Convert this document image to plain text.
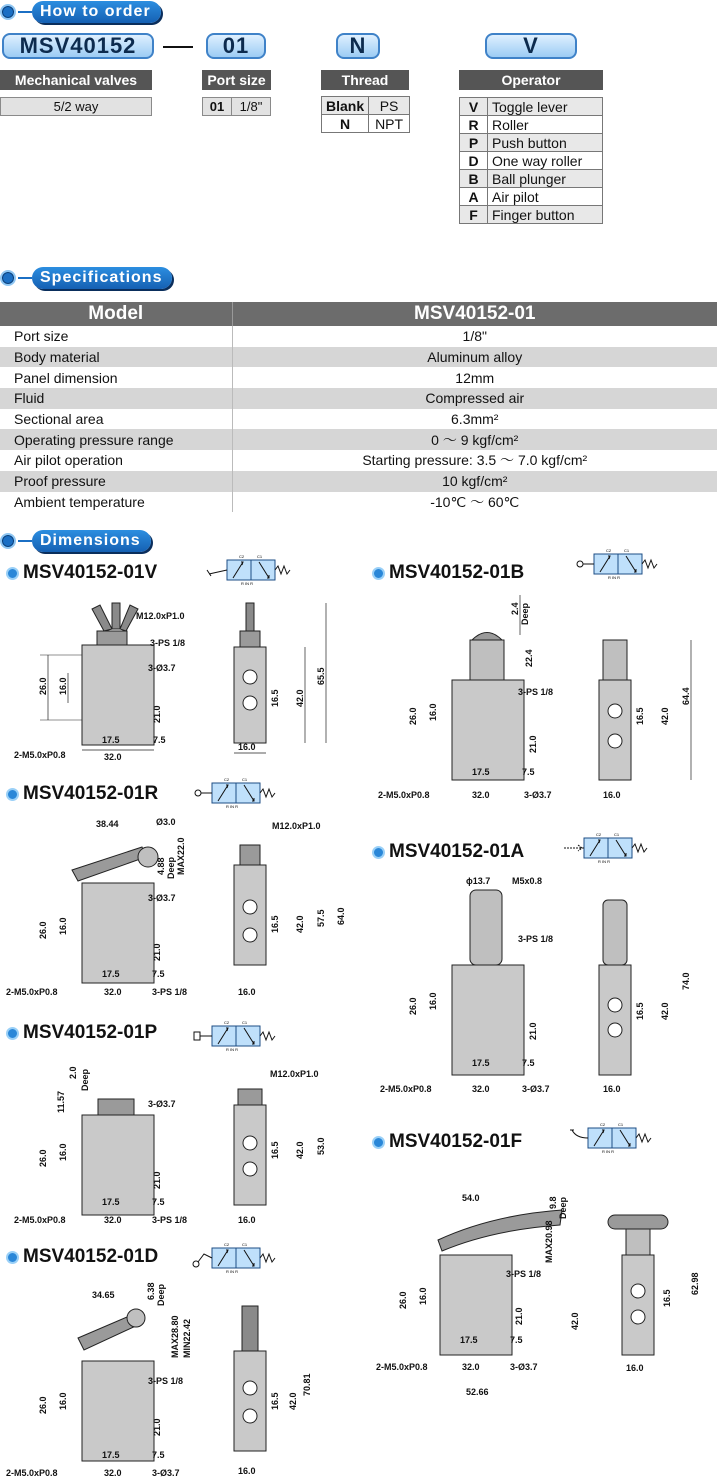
How to order
MSV40152	01	N	V
Mechanical valves
5/2 way
Port size
01	1/8"
Thread
Blank	PS
N	NPT
Operator
V	Toggle lever
R	Roller
P	Push button
D	One way roller
B	Ball plunger
A	Air pilot
F	Finger button
Specifications
Model	MSV40152-01
Port size	1/8"
Body material	Aluminum alloy
Panel dimension	12mm
Fluid	Compressed air
Sectional area	6.3mm²
Operating pressure range	0 ～ 9 kgf/cm²
Air pilot operation	Starting pressure: 3.5 ～ 7.0 kgf/cm²
Proof pressure	10 kgf/cm²
Ambient temperature	-10℃ ～ 60℃
Dimensions
MSV40152-01V	MSV40152-01B
MSV40152-01R
MSV40152-01A
MSV40152-01P
MSV40152-01F
MSV40152-01D
C2	C1
R IN R
C2	C1
R IN R
C2	C1
R IN R
C2	C1
R IN R
C2	C1
R IN R
C2	C1
R IN R
C2	C1
R IN R
26.0 16.0
21.0
M12.0xP1.0
3-PS 1/8
3-Ø3.7
17.5	7.5
32.0
2-M5.0xP0.8
16.5 42.0
65.5
16.0
2.4 Deep
22.4
26.0 16.0
21.0
3-PS 1/8
17.5	7.5
32.0	3-Ø3.7
2-M5.0xP0.8
16.5 42.0
64.4
16.0
38.44	Ø3.0
MAX22.0
4.88 Deep
3-Ø3.7
26.0 16.0
21.0
17.5	7.5
32.0	3-PS 1/8
2-M5.0xP0.8
M12.0xP1.0
16.5 42.0 57.5 64.0
16.0
ϕ13.7 M5x0.8
3-PS 1/8
26.0 16.0
21.0
17.5	7.5
32.0	3-Ø3.7
2-M5.0xP0.8
16.5 42.0
74.0
16.0
2.0 Deep
11.57	3-Ø3.7
26.0 16.0
21.0
17.5	7.5
32.0	3-PS 1/8
2-M5.0xP0.8
M12.0xP1.0
16.5 42.0 53.0
16.0
54.0	9.8 Deep
MAX20.98
3-PS 1/8
42.0
26.0 16.0
21.0
17.5	7.5
32.0	3-Ø3.7
2-M5.0xP0.8
52.66
16.5
62.98
16.0
34.65	6.38 Deep
MAX28.80 MIN22.42
3-PS 1/8
26.0 16.0
21.0
17.5	7.5
32.0	3-Ø3.7
2-M5.0xP0.8
16.5 42.0
70.81
16.0
